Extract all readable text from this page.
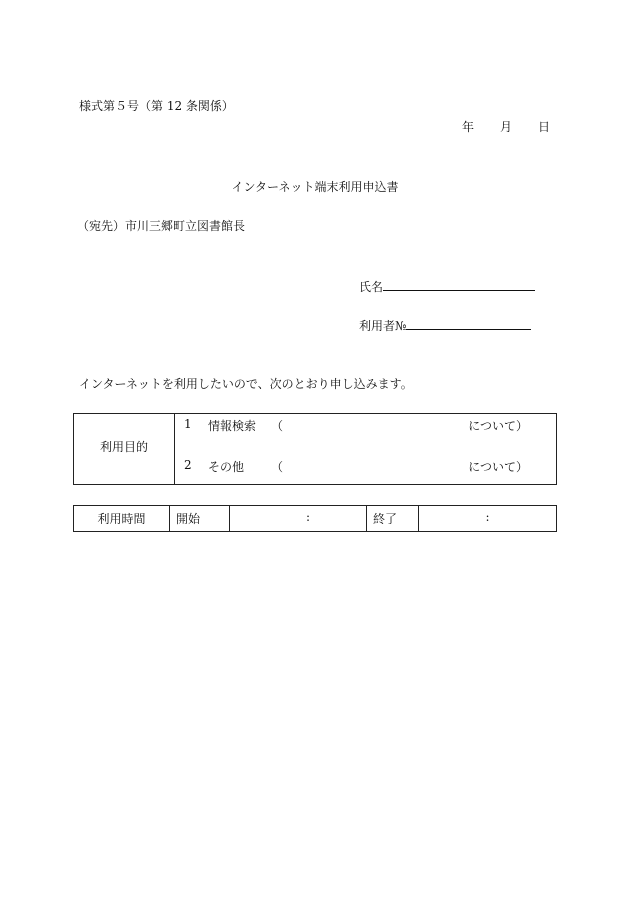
様式第５号（第 12 条関係）
年 月 日
インターネット端末利用申込書
（宛先）市川三郷町立図書館長
氏名
利用者№
インターネットを利用したいので、次のとおり申し込みます。
利用目的
1 情報検索 （	について）
2 その他 （	について）
利用時間	開始	:	終了	:
